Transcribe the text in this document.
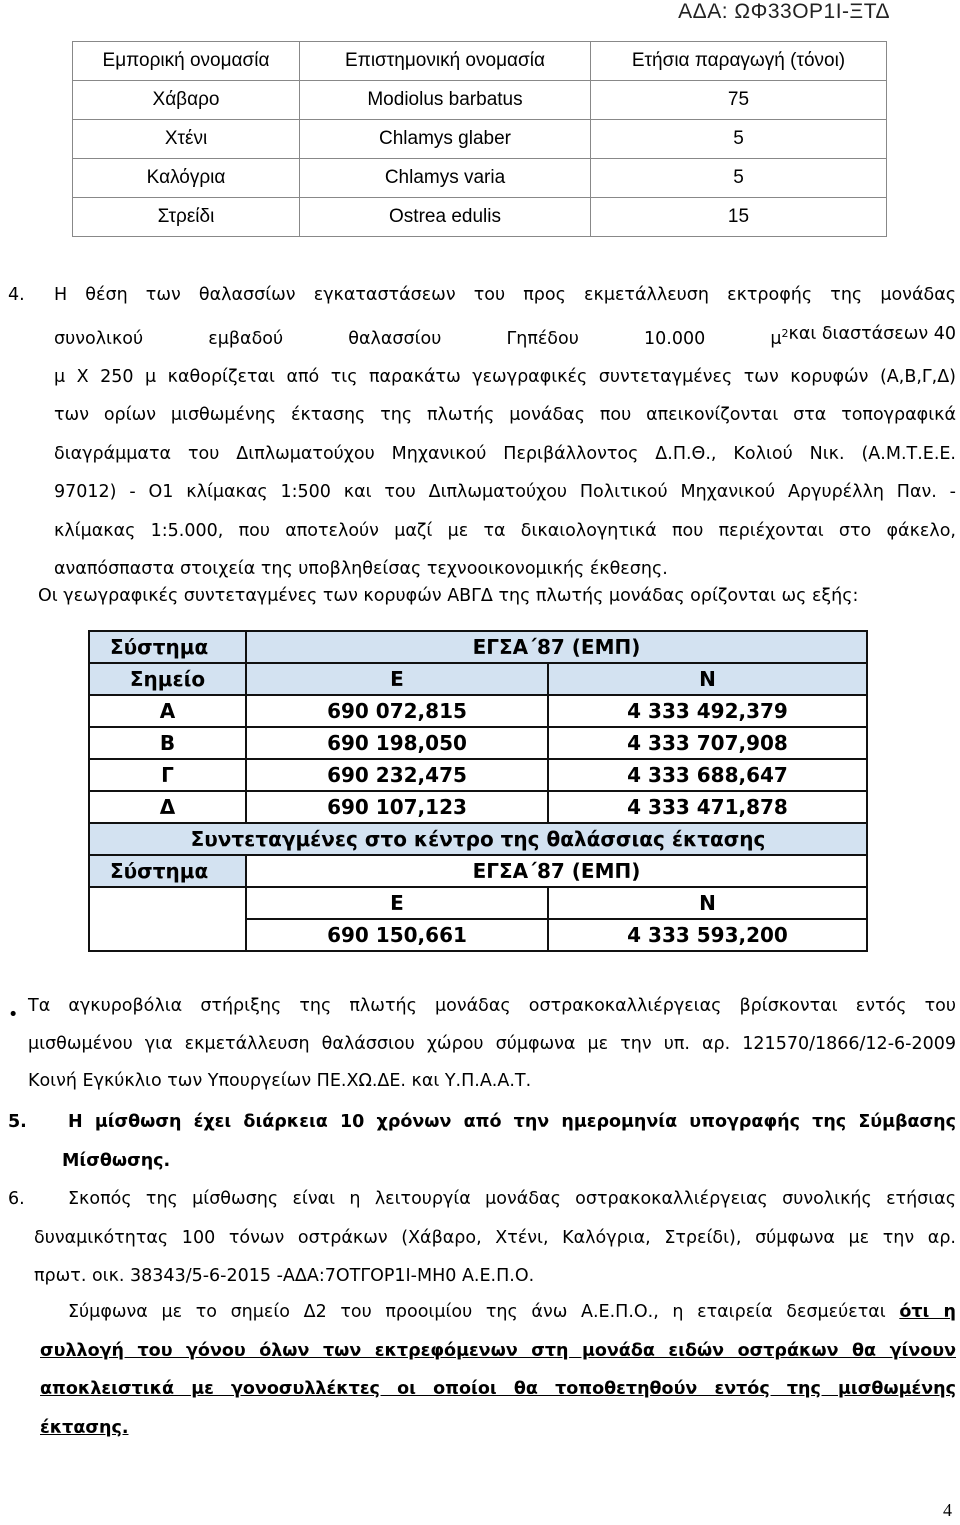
ΑΔΑ: ΩΦ33ΟΡ1Ι-ΞΤΔ
Εμπορική ονομασία	Επιστημονική ονομασία	Ετήσια παραγωγή (τόνοι)
Χάβαρο	Modiolus barbatus	75
Χτένι	Chlamys glaber	5
Καλόγρια	Chlamys varia	5
Στρείδι	Ostrea edulis	15
4. Η θέση των θαλασσίων εγκαταστάσεων του προς εκμετάλλευση εκτροφής της μονάδας
συνολικού εμβαδού θαλασσίου Γηπέδου 10.000 $\mu^2$ και διαστάσεων 40
μ Χ 250 μ καθορίζεται από τις παρακάτω γεωγραφικές συντεταγμένες των κορυφών (Α,Β,Γ,Δ)
των ορίων μισθωμένης έκτασης της πλωτής μονάδας που απεικονίζονται στα τοπογραφικά
διαγράμματα του Διπλωματούχου Μηχανικού Περιβάλλοντος Δ.Π.Θ., Κολιού Νικ. (Α.Μ.Τ.Ε.Ε.
97012) - Ο1 κλίμακας 1:500 και του Διπλωματούχου Πολιτικού Μηχανικού Αργυρέλλη Παν. -
κλίμακας 1:5.000, που αποτελούν μαζί με τα δικαιολογητικά που περιέχονται στο φάκελο,
αναπόσπαστα στοιχεία της υποβληθείσας τεχνοοικονομικής έκθεσης.
Οι γεωγραφικές συντεταγμένες των κορυφών ΑΒΓΔ της πλωτής μονάδας ορίζονται ως εξής:
Σύστημα	ΕΓΣΑ΄87 (ΕΜΠ)	
Σημείο	Ε	Ν
Α	690 072,815	4 333 492,379
Β	690 198,050	4 333 707,908
Γ	690 232,475	4 333 688,647
Δ	690 107,123	4 333 471,878
Συντεταγμένες στο κέντρο της θαλάσσιας έκτασης		
Σύστημα	ΕΓΣΑ΄87 (ΕΜΠ)	
	Ε	Ν
	690 150,661	4 333 593,200
• Τα αγκυροβόλια στήριξης της πλωτής μονάδας οστρακοκαλλιέργειας βρίσκονται εντός του
μισθωμένου για εκμετάλλευση θαλάσσιου χώρου σύμφωνα με την υπ. αρ. 121570/1866/12-6-2009
Κοινή Εγκύκλιο των Υπουργείων ΠΕ.ΧΩ.ΔΕ. και Υ.Π.Α.Α.Τ.
5. Η μίσθωση έχει διάρκεια 10 χρόνων από την ημερομηνία υπογραφής της Σύμβασης
Μίσθωσης.
6. Σκοπός της μίσθωσης είναι η λειτουργία μονάδας οστρακοκαλλιέργειας συνολικής ετήσιας
δυναμικότητας 100 τόνων οστράκων (Χάβαρο, Χτένι, Καλόγρια, Στρείδι), σύμφωνα με την αρ.
πρωτ. οικ. 38343/5-6-2015 -ΑΔΑ:7ΟΤΓΟΡ1Ι-ΜΗ0 Α.Ε.Π.Ο.
Σύμφωνα με το σημείο Δ2 του προοιμίου της άνω Α.Ε.Π.Ο., η εταιρεία δεσμεύεται ότι η
συλλογή του γόνου όλων των εκτρεφόμενων στη μονάδα ειδών οστράκων θα γίνουν
αποκλειστικά με γονοσυλλέκτες οι οποίοι θα τοποθετηθούν εντός της μισθωμένης
έκτασης.
4
